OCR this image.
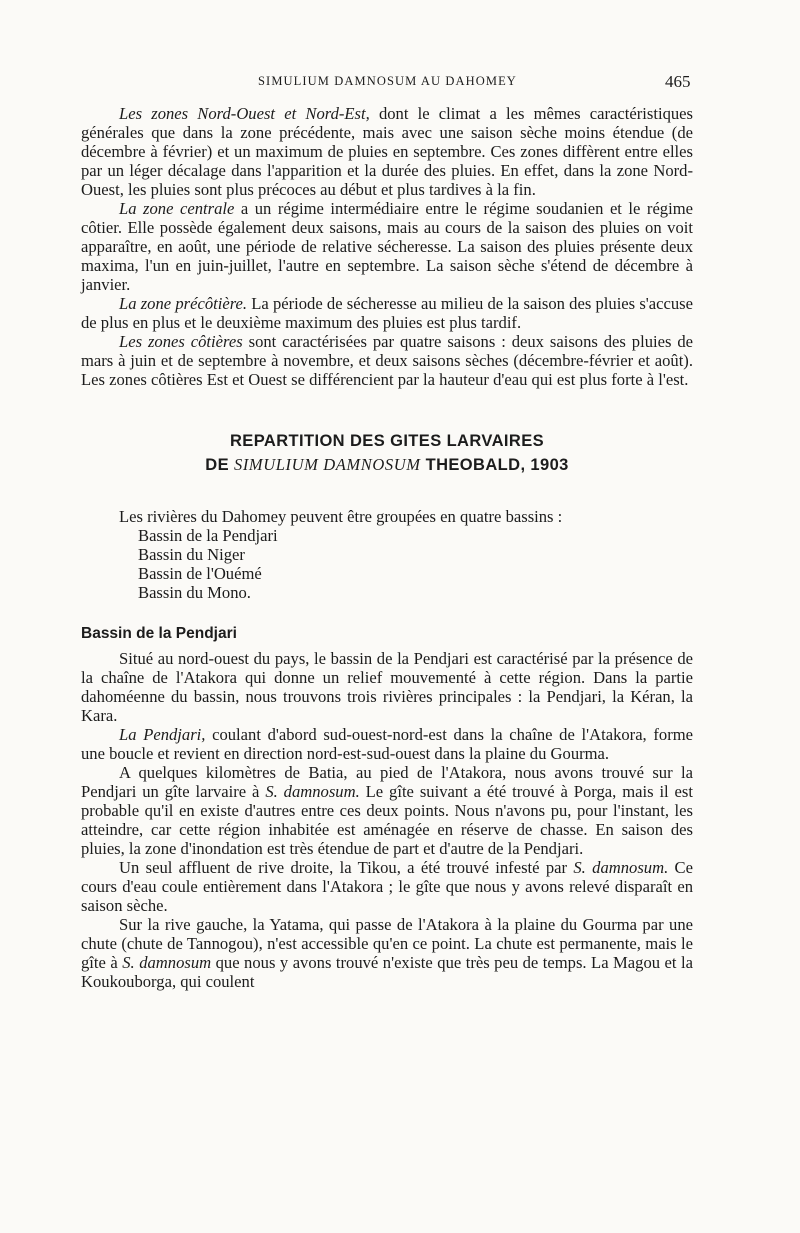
SIMULIUM DAMNOSUM AU DAHOMEY	465

Les zones Nord-Ouest et Nord-Est, dont le climat a les mêmes caractéristiques générales que dans la zone précédente, mais avec une saison sèche moins étendue (de décembre à février) et un maximum de pluies en septembre. Ces zones diffèrent entre elles par un léger décalage dans l'apparition et la durée des pluies. En effet, dans la zone Nord-Ouest, les pluies sont plus précoces au début et plus tardives à la fin.

La zone centrale a un régime intermédiaire entre le régime soudanien et le régime côtier. Elle possède également deux saisons, mais au cours de la saison des pluies on voit apparaître, en août, une période de relative sécheresse. La saison des pluies présente deux maxima, l'un en juin-juillet, l'autre en septembre. La saison sèche s'étend de décembre à janvier.

La zone précôtière. La période de sécheresse au milieu de la saison des pluies s'accuse de plus en plus et le deuxième maximum des pluies est plus tardif.

Les zones côtières sont caractérisées par quatre saisons : deux saisons des pluies de mars à juin et de septembre à novembre, et deux saisons sèches (décembre-février et août). Les zones côtières Est et Ouest se différencient par la hauteur d'eau qui est plus forte à l'est.

REPARTITION DES GITES LARVAIRES
DE SIMULIUM DAMNOSUM THEOBALD, 1903

Les rivières du Dahomey peuvent être groupées en quatre bassins :

Bassin de la Pendjari
Bassin du Niger
Bassin de l'Ouémé
Bassin du Mono.
Bassin de la Pendjari

Situé au nord-ouest du pays, le bassin de la Pendjari est caractérisé par la présence de la chaîne de l'Atakora qui donne un relief mouvementé à cette région. Dans la partie dahoméenne du bassin, nous trouvons trois rivières principales : la Pendjari, la Kéran, la Kara.

La Pendjari, coulant d'abord sud-ouest-nord-est dans la chaîne de l'Atakora, forme une boucle et revient en direction nord-est-sud-ouest dans la plaine du Gourma.

A quelques kilomètres de Batia, au pied de l'Atakora, nous avons trouvé sur la Pendjari un gîte larvaire à S. damnosum. Le gîte suivant a été trouvé à Porga, mais il est probable qu'il en existe d'autres entre ces deux points. Nous n'avons pu, pour l'instant, les atteindre, car cette région inhabitée est aménagée en réserve de chasse. En saison des pluies, la zone d'inondation est très étendue de part et d'autre de la Pendjari.

Un seul affluent de rive droite, la Tikou, a été trouvé infesté par S. damnosum. Ce cours d'eau coule entièrement dans l'Atakora ; le gîte que nous y avons relevé disparaît en saison sèche.

Sur la rive gauche, la Yatama, qui passe de l'Atakora à la plaine du Gourma par une chute (chute de Tannogou), n'est accessible qu'en ce point. La chute est permanente, mais le gîte à S. damnosum que nous y avons trouvé n'existe que très peu de temps. La Magou et la Koukouborga, qui coulent
